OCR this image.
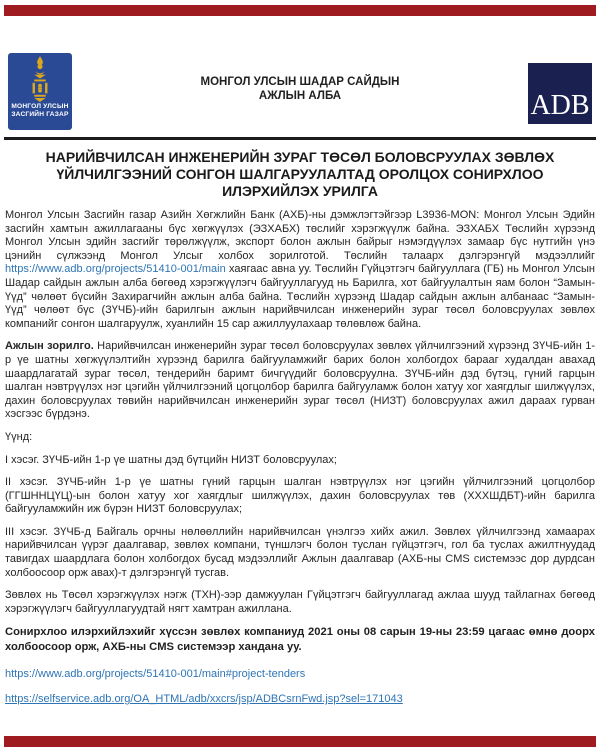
МОНГОЛ УЛСЫН
ЗАСГИЙН ГАЗАР
МОНГОЛ УЛСЫН ШАДАР САЙДЫН
АЖЛЫН АЛБА	ADB
НАРИЙВЧИЛСАН ИНЖЕНЕРИЙН ЗУРАГ ТӨСӨЛ БОЛОВСРУУЛАХ ЗӨВЛӨХ ҮЙЛЧИЛГЭЭНИЙ СОНГОН ШАЛГАРУУЛАЛТАД ОРОЛЦОХ СОНИРХЛОО ИЛЭРХИЙЛЭХ УРИЛГА

Монгол Улсын Засгийн газар Азийн Хөгжлийн Банк (АХБ)-ны дэмжлэгтэйгээр L3936-MON: Монгол Улсын Эдийн засгийн хамтын ажиллагааны бүс хөгжүүлэх (ЭЗХАБХ) төслийг хэрэгжүүлж байна. ЭЗХАБХ Төслийн хүрээнд Монгол Улсын эдийн засгийг төрөлжүүлж, экспорт болон ажлын байрыг нэмэгдүүлэх замаар бүс нутгийн үнэ цэнийн сүлжээнд Монгол Улсыг холбох зорилготой. Төслийн талаарх дэлгэрэнгүй мэдээллийг https://www.adb.org/projects/51410-001/main хаягаас авна уу. Төслийн Гүйцэтгэгч байгууллага (ГБ) нь Монгол Улсын Шадар сайдын ажлын алба бөгөөд хэрэгжүүлэгч байгууллагууд нь Барилга, хот байгуулалтын яам болон “Замын-Үүд” чөлөөт бүсийн Захирагчийн ажлын алба байна. Төслийн хүрээнд Шадар сайдын ажлын албанаас “Замын-Үүд” чөлөөт бүс (ЗҮЧБ)-ийн барилгын ажлын нарийвчилсан инженерийн зураг төсөл боловсруулах зөвлөх компанийг сонгон шалгаруулж, хуанлийн 15 сар ажиллуулахаар төлөвлөж байна.

Ажлын зорилго. Нарийвчилсан инженерийн зураг төсөл боловсруулах зөвлөх үйлчилгээний хүрээнд ЗҮЧБ-ийн 1-р үе шатны хөгжүүлэлтийн хүрээнд барилга байгууламжийг барих болон холбогдох барааг худалдан авахад шаардлагатай зураг төсөл, тендерийн баримт бичгүүдийг боловсруулна. ЗҮЧБ-ийн дэд бүтэц, гүний гарцын шалган нэвтрүүлэх нэг цэгийн үйлчилгээний цогцолбор барилга байгууламж болон хатуу хог хаягдлыг шилжүүлэх, дахин боловсруулах төвийн нарийвчилсан инженерийн зураг төсөл (НИЗТ) боловсруулах ажил дараах гурван хэсгээс бүрдэнэ.

Үүнд:

I хэсэг. ЗҮЧБ-ийн 1-р үе шатны дэд бүтцийн НИЗТ боловсруулах;

II хэсэг. ЗҮЧБ-ийн 1-р үе шатны гүний гарцын шалган нэвтрүүлэх нэг цэгийн үйлчилгээний цогцолбор (ГГШННЦҮЦ)-ын болон хатуу хог хаягдлыг шилжүүлэх, дахин боловсруулах төв (ХХХШДБТ)-ийн барилга байгууламжийн иж бүрэн НИЗТ боловсруулах;

III хэсэг. ЗҮЧБ-д Байгаль орчны нөлөөллийн нарийвчилсан үнэлгээ хийх ажил. Зөвлөх үйлчилгээнд хамаарах нарийвчилсан үүрэг даалгавар, зөвлөх компани, түншлэгч болон туслан гүйцэтгэгч, гол ба туслах ажилтнуудад тавигдах шаардлага болон холбогдох бусад мэдээллийг Ажлын даалгавар (АХБ-ны CMS системээс дор дурдсан холбоосоор орж авах)-т дэлгэрэнгүй тусгав.

Зөвлөх нь Төсөл хэрэгжүүлэх нэгж (ТХН)-ээр дамжуулан Гүйцэтгэгч байгууллагад ажлаа шууд тайлагнах бөгөөд хэрэгжүүлэгч байгууллагуудтай нягт хамтран ажиллана.

Сонирхлоо илэрхийлэхийг хүссэн зөвлөх компаниуд 2021 оны 08 сарын 19-ны 23:59 цагаас өмнө доорх холбоосоор орж, АХБ-ны CMS системээр хандана уу.

https://www.adb.org/projects/51410-001/main#project-tenders

https://selfservice.adb.org/OA_HTML/adb/xxcrs/jsp/ADBCsrnFwd.jsp?sel=171043
